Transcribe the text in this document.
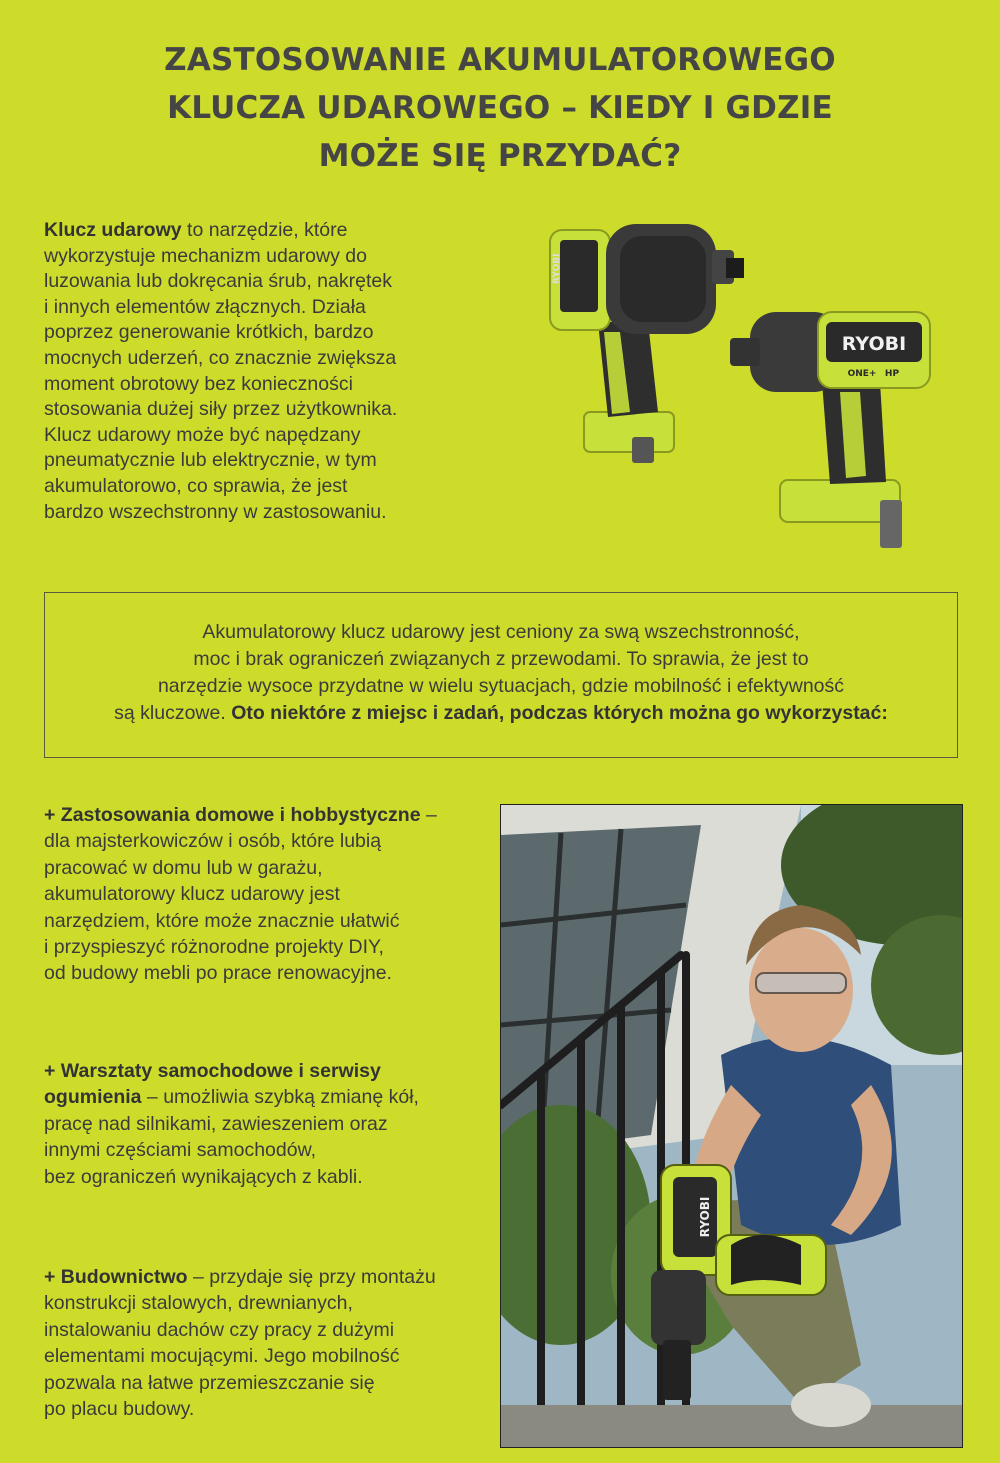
ZASTOSOWANIE AKUMULATOROWEGO
KLUCZA UDAROWEGO – KIEDY I GDZIE
MOŻE SIĘ PRZYDAĆ?
Klucz udarowy to narzędzie, które
wykorzystuje mechanizm udarowy do
luzowania lub dokręcania śrub, nakrętek
i innych elementów złącznych. Działa
poprzez generowanie krótkich, bardzo
mocnych uderzeń, co znacznie zwiększa
moment obrotowy bez konieczności
stosowania dużej siły przez użytkownika.
Klucz udarowy może być napędzany
pneumatycznie lub elektrycznie, w tym
akumulatorowo, co sprawia, że jest
bardzo wszechstronny w zastosowaniu.
RYOBI
RYOBI
ONE+ HP
Akumulatorowy klucz udarowy jest ceniony za swą wszechstronność,
moc i brak ograniczeń związanych z przewodami. To sprawia, że jest to
narzędzie wysoce przydatne w wielu sytuacjach, gdzie mobilność i efektywność
są kluczowe. Oto niektóre z miejsc i zadań, podczas których można go wykorzystać:
+ Zastosowania domowe i hobbystyczne –
dla majsterkowiczów i osób, które lubią
pracować w domu lub w garażu,
akumulatorowy klucz udarowy jest
narzędziem, które może znacznie ułatwić
i przyspieszyć różnorodne projekty DIY,
od budowy mebli po prace renowacyjne.
+ Warsztaty samochodowe i serwisy
ogumienia – umożliwia szybką zmianę kół,
pracę nad silnikami, zawieszeniem oraz
innymi częściami samochodów,
bez ograniczeń wynikających z kabli.
+ Budownictwo – przydaje się przy montażu
konstrukcji stalowych, drewnianych,
instalowaniu dachów czy pracy z dużymi
elementami mocującymi. Jego mobilność
pozwala na łatwe przemieszczanie się
po placu budowy.
RYOBI
